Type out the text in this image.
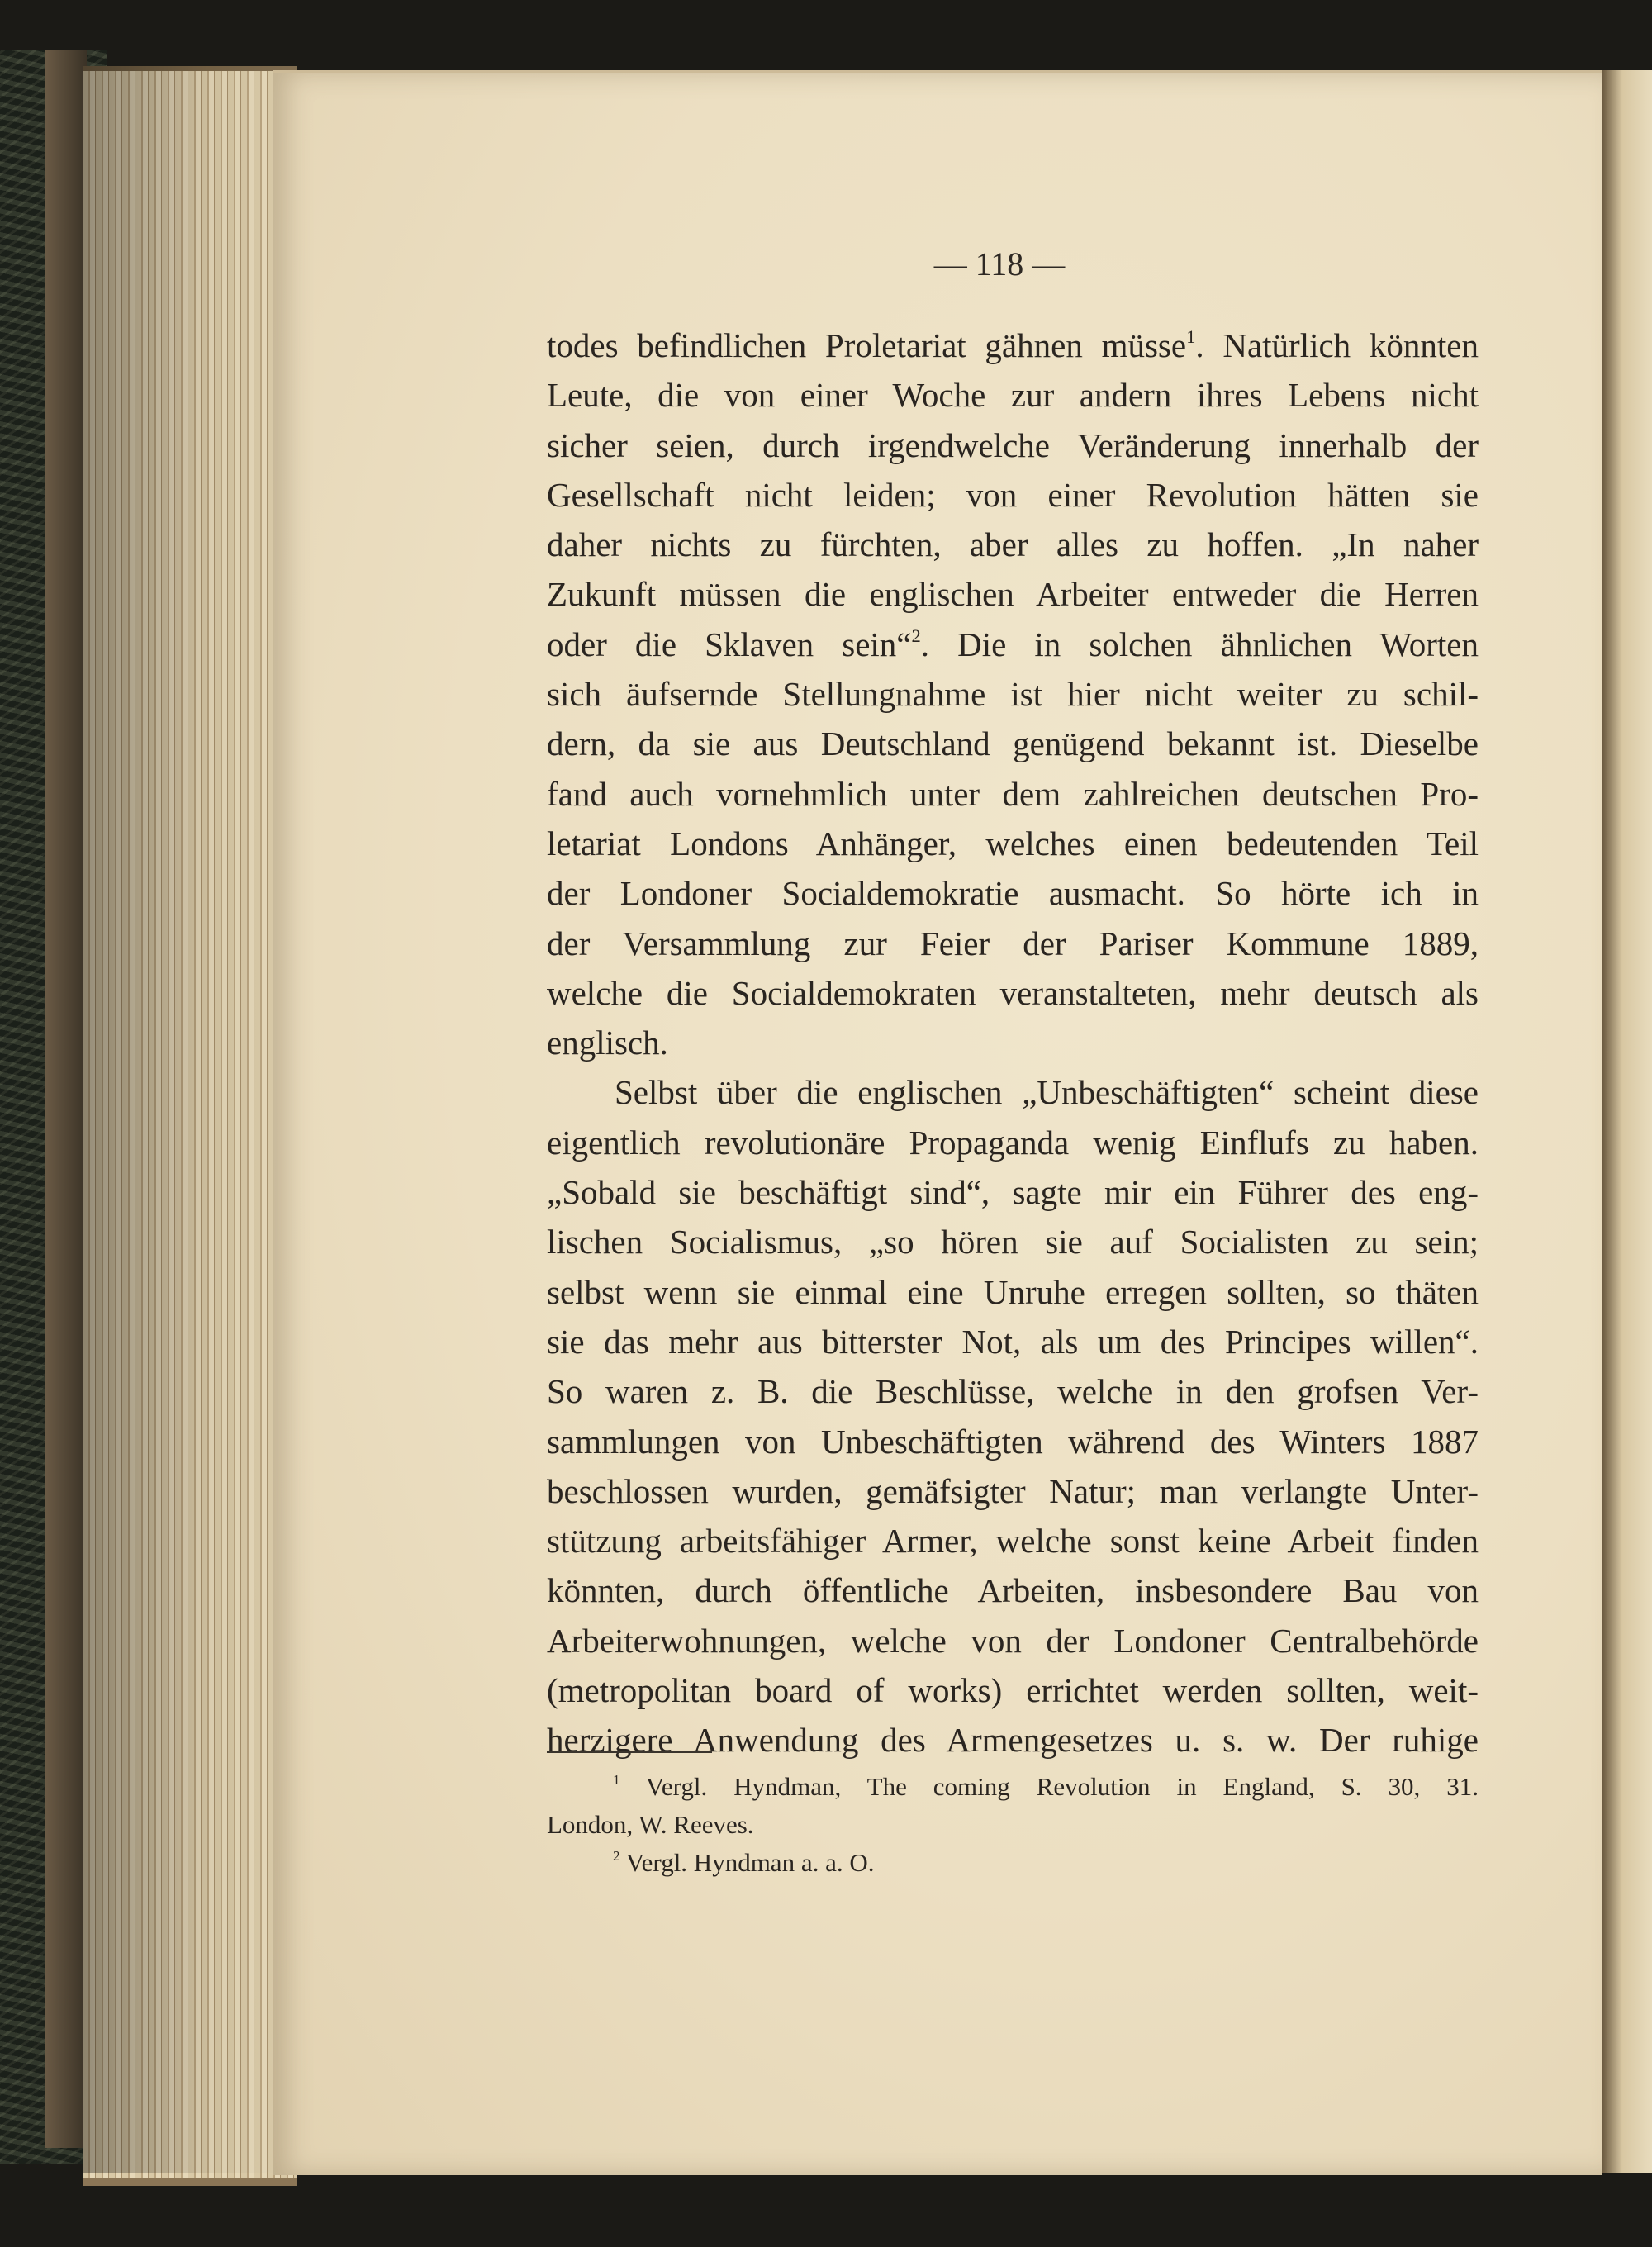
— 118 —
todes befindlichen Proletariat gähnen müsse$^1$. Natürlich könnten
Leute, die von einer Woche zur andern ihres Lebens nicht
sicher seien, durch irgendwelche Veränderung innerhalb der
Gesellschaft nicht leiden; von einer Revolution hätten sie
daher nichts zu fürchten, aber alles zu hoffen. „In naher
Zukunft müssen die englischen Arbeiter entweder die Herren
oder die Sklaven sein“$^2$. Die in solchen ähnlichen Worten
sich äufsernde Stellungnahme ist hier nicht weiter zu schil-
dern, da sie aus Deutschland genügend bekannt ist. Dieselbe
fand auch vornehmlich unter dem zahlreichen deutschen Pro-
letariat Londons Anhänger, welches einen bedeutenden Teil
der Londoner Socialdemokratie ausmacht. So hörte ich in
der Versammlung zur Feier der Pariser Kommune 1889,
welche die Socialdemokraten veranstalteten, mehr deutsch als
englisch.
Selbst über die englischen „Unbeschäftigten“ scheint diese
eigentlich revolutionäre Propaganda wenig Einflufs zu haben.
„Sobald sie beschäftigt sind“, sagte mir ein Führer des eng-
lischen Socialismus, „so hören sie auf Socialisten zu sein;
selbst wenn sie einmal eine Unruhe erregen sollten, so thäten
sie das mehr aus bitterster Not, als um des Principes willen“.
So waren z. B. die Beschlüsse, welche in den grofsen Ver-
sammlungen von Unbeschäftigten während des Winters 1887
beschlossen wurden, gemäfsigter Natur; man verlangte Unter-
stützung arbeitsfähiger Armer, welche sonst keine Arbeit finden
könnten, durch öffentliche Arbeiten, insbesondere Bau von
Arbeiterwohnungen, welche von der Londoner Centralbehörde
(metropolitan board of works) errichtet werden sollten, weit-
herzigere Anwendung des Armengesetzes u. s. w. Der ruhige
$^1$ Vergl. Hyndman, The coming Revolution in England, S. 30, 31.
London, W. Reeves.
$^2$ Vergl. Hyndman a. a. O.
